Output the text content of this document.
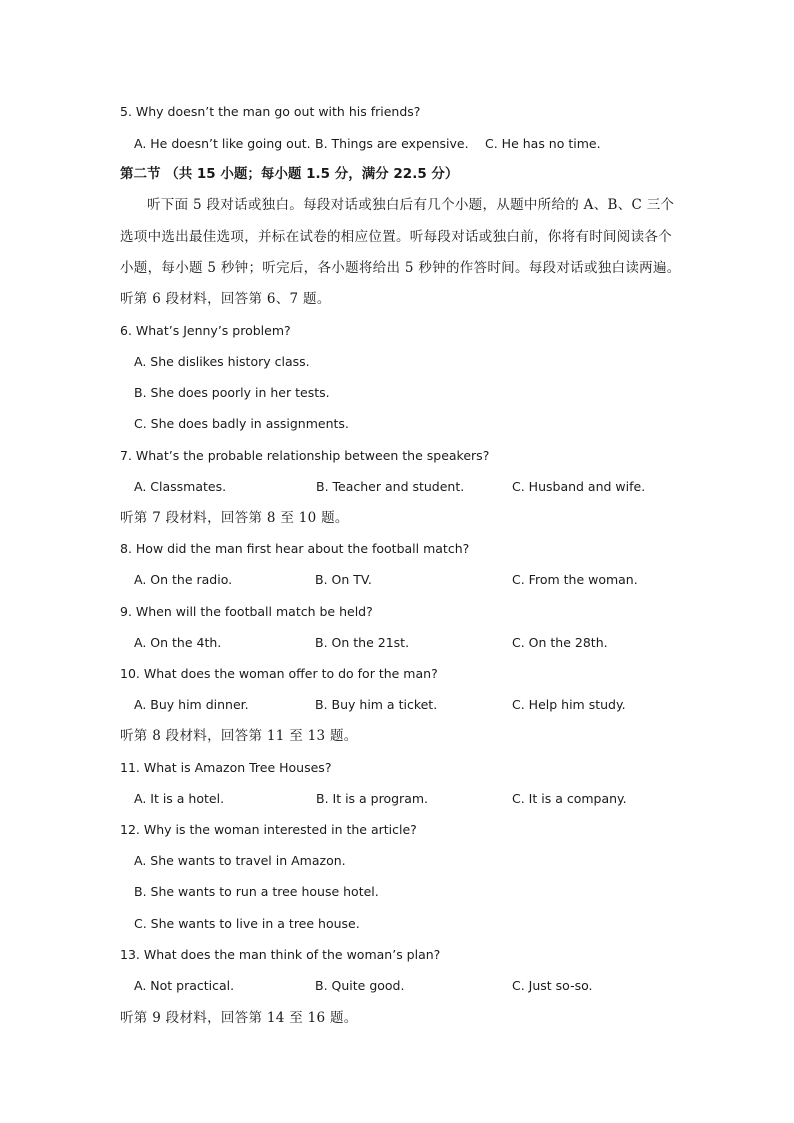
5. Why doesn’t the man go out with his friends?
A. He doesn’t like going out. B. Things are expensive. C. He has no time.
第二节 （共 15 小题；每小题 1.5 分，满分 22.5 分）
听下面 5 段对话或独白。每段对话或独白后有几个小题，从题中所给的 A、B、C 三个
选项中选出最佳选项，并标在试卷的相应位置。听每段对话或独白前，你将有时间阅读各个
小题，每小题 5 秒钟；听完后，各小题将给出 5 秒钟的作答时间。每段对话或独白读两遍。
听第 6 段材料，回答第 6、7 题。
6. What’s Jenny’s problem?
A. She dislikes history class.
B. She does poorly in her tests.
C. She does badly in assignments.
7. What’s the probable relationship between the speakers?
A. Classmates.	B. Teacher and student.	C. Husband and wife.
听第 7 段材料，回答第 8 至 10 题。
8. How did the man first hear about the football match?
A. On the radio.	B. On TV.	C. From the woman.
9. When will the football match be held?
A. On the 4th.	B. On the 21st.	C. On the 28th.
10. What does the woman offer to do for the man?
A. Buy him dinner.	B. Buy him a ticket.	C. Help him study.
听第 8 段材料，回答第 11 至 13 题。
11. What is Amazon Tree Houses?
A. It is a hotel.	B. It is a program.	C. It is a company.
12. Why is the woman interested in the article?
A. She wants to travel in Amazon.
B. She wants to run a tree house hotel.
C. She wants to live in a tree house.
13. What does the man think of the woman’s plan?
A. Not practical.	B. Quite good.	C. Just so-so.
听第 9 段材料，回答第 14 至 16 题。
